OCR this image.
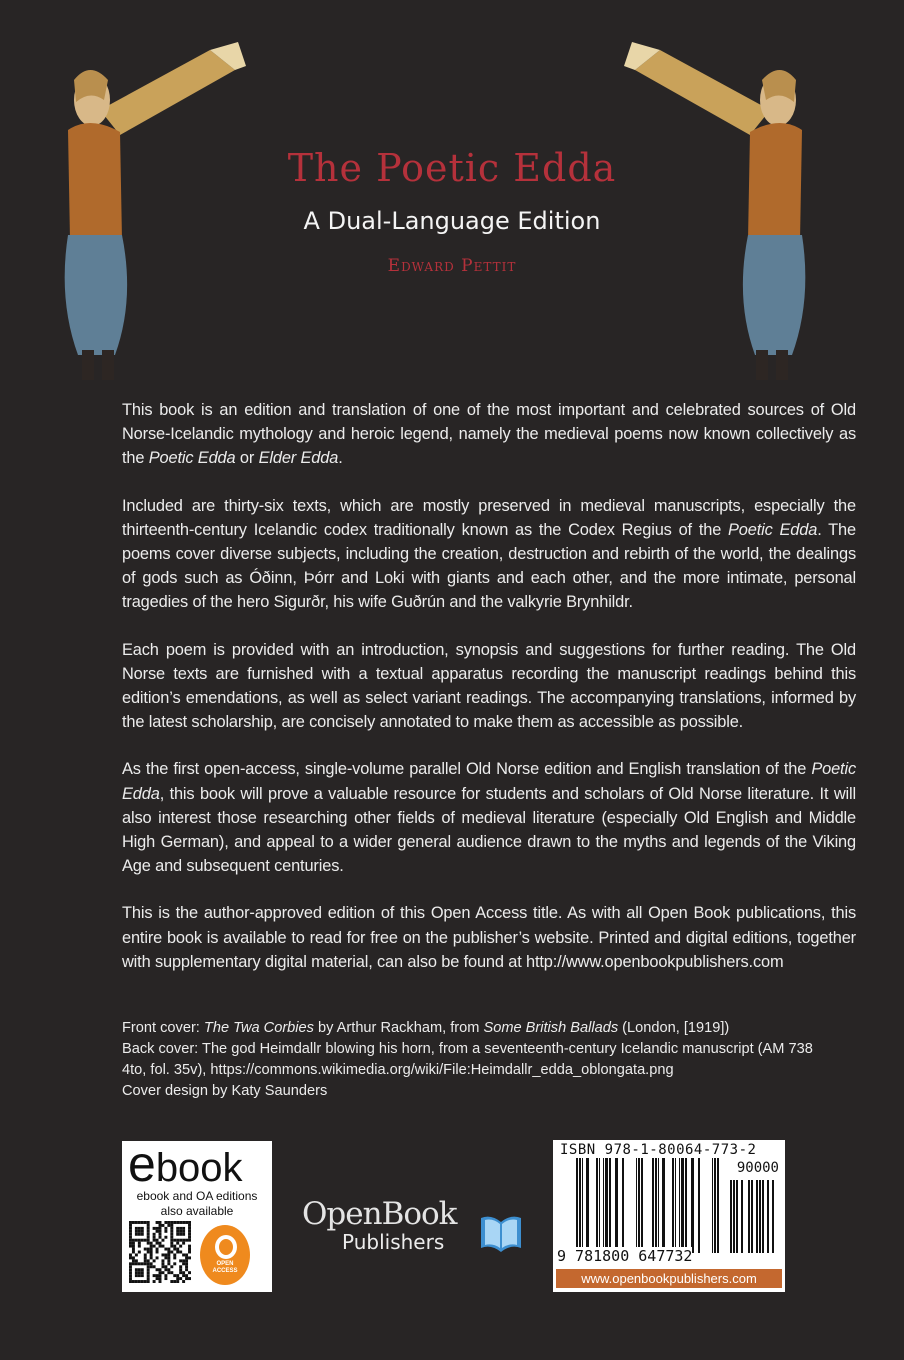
The Poetic Edda
A Dual-Language Edition
Edward Pettit

This book is an edition and translation of one of the most important and celebrated sources of Old Norse-Icelandic mythology and heroic legend, namely the medieval poems now known collectively as the Poetic Edda or Elder Edda.

Included are thirty-six texts, which are mostly preserved in medieval manuscripts, especially the thirteenth-century Icelandic codex traditionally known as the Codex Regius of the Poetic Edda. The poems cover diverse subjects, including the creation, destruction and rebirth of the world, the dealings of gods such as Óðinn, Þórr and Loki with giants and each other, and the more intimate, personal tragedies of the hero Sigurðr, his wife Guðrún and the valkyrie Brynhildr.

Each poem is provided with an introduction, synopsis and suggestions for further reading. The Old Norse texts are furnished with a textual apparatus recording the manuscript readings behind this edition’s emendations, as well as select variant readings. The accompanying translations, informed by the latest scholarship, are concisely annotated to make them as accessible as possible.

As the first open-access, single-volume parallel Old Norse edition and English translation of the Poetic Edda, this book will prove a valuable resource for students and scholars of Old Norse literature. It will also interest those researching other fields of medieval literature (especially Old English and Middle High German), and appeal to a wider general audience drawn to the myths and legends of the Viking Age and subsequent centuries.

This is the author-approved edition of this Open Access title. As with all Open Book publications, this entire book is available to read for free on the publisher’s website. Printed and digital editions, together with supplementary digital material, can also be found at http://www.openbookpublishers.com

Front cover: The Twa Corbies by Arthur Rackham, from Some British Ballads (London, [1919])
Back cover: The god Heimdallr blowing his horn, from a seventeenth-century Icelandic manuscript (AM 738
4to, fol. 35v), https://commons.wikimedia.org/wiki/File:Heimdallr_edda_oblongata.png
Cover design by Katy Saunders
ebook
ebook and OA editions
also available
OPEN
ACCESS
OpenBook
Publishers
ISBN 978-1-80064-773-2
90000
9 781800 647732
www.openbookpublishers.com
